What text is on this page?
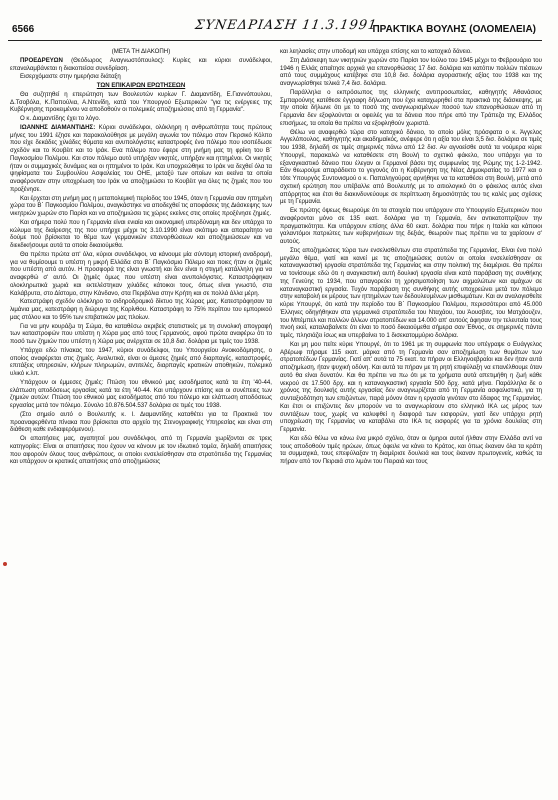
6566	ΣΥΝΕΔΡΙΑΣΗ 11.3.1991
ΠΡΑΚΤΙΚΑ ΒΟΥΛΗΣ (ΟΛΟΜΕΛΕΙΑ)

(ΜΕΤΑ ΤΗ ΔΙΑΚΟΠΗ)

ΠΡΟΕΔΡΕΥΩΝ (Θεόδωρος Αναγνωστόπουλος): Κυρίες και κύριοι συνάδελφοι, επαναλαμβάνεται η διακοπείσα συνεδρίαση.

Εισερχόμαστε στην ημερήσια διάταξη

ΤΩΝ ΕΠΙΚΑΙΡΩΝ ΕΡΩΤΗΣΕΩΝ

Θα συζητηθεί η επερώτηση των Βουλευτών κυρίων Γ. Διαμαντίδη, Ε.Γιαννόπουλου, Δ.Τσοβόλα, Κ.Παπούλια, Α.Ντενίδη, κατά του Υπουργού Εξωτερικών "για τις ενέργειες της Κυβέρνησης προκειμένου να αποδοθούν οι πολεμικές αποζημιώσεις από τη Γερμανία".

Ο κ. Διαμαντίδης έχει το λόγο.

ΙΩΑΝΝΗΣ ΔΙΑΜΑΝΤΙΔΗΣ: Κύριοι συνάδελφοι, ολόκληρη η ανθρωπότητα τους πρώτους μήνες του 1991 έζησε και παρακολούθησε με μεγάλη αγωνία τον πόλεμο στον Περσικό Κόλπο που είχε δεκάδες χιλιάδες θύματα και ανυπολόγιστες καταστροφές ένα πόλεμο που ισοπέδωσε σχεδόν και το Κουβέιτ και το Ιράκ. Ενα πόλεμο που έφερε στη μνήμη μας τη φρίκη του Β΄ Παγκοσμίου Πολέμου. Και στον πόλεμο αυτό υπήρξαν νικητές, υπήρξαν και ηττημένοι. Οι νικητές ήταν οι συμμαχικές δυνάμεις και οι ηττημένοι το Ιράκ. Και υποχρεώθηκε το Ιράκ να δεχθεί όλα τα ψηφίσματα του Συμβουλίου Ασφαλείας του ΟΗΕ, μεταξύ των οποίων και εκείνα τα οποία αναφέρονταν στην υποχρέωση του Ιράκ να αποζημιώσει το Κουβέιτ για όλες τις ζημιές που του προξένησε.

Και έρχεται στη μνήμη μας η μεταπολεμική περίοδος του 1945, όταν η Γερμανία σαν ηττημένη χώρα του Β΄ Παγκοσμίου Πολέμου, αναγκάστηκε να αποδεχθεί τις αποφάσεις της Διάσκεψης των νικητριών χωρών στο Παρίσι και να αποζημιώσει τις χώρες εκείνες στις οποίες προξένησε ζημιές.

Και σήμερα πολύ που η Γερμανία είναι ενιαία και οικονομική υπερδύναμη και δεν υπάρχει το κώλυμα της διαίρεσης της που υπήρχε μέχρι τις 3.10.1990 είναι σκόπιμο και απαραίτητο να δούμε πού βρίσκεται το θέμα των γερμανικών επανορθώσεων και αποζημιώσεων και να διεκδικήσουμε αυτά τα οποία δικαιούμεθα.

Θα πρέπει πρώτα απ' όλα, κύριοι συνάδελφοι, να κάνουμε μία σύντομη ιστορική αναδρομή, για να θυμίσουμε τι υπέστη η μικρή Ελλάδα στο Β΄ Παγκόσμιο Πόλεμο και ποιες ήταν οι ζημιές που υπέστη από αυτόν. Η προσφορά της είναι γνωστή και δεν είναι η στιγμή κατάλληλη για να αναφερθώ σ' αυτό. Οι ζημιές όμως που υπέστη είναι ανυπολόγιστες. Καταστράφηκαν ολοκληρωτικά χωριά και εκτελέστηκαν χιλιάδες κάτοικοι τους, όπως είναι γνωστό, στα Καλάβρυτα, στο Δίστομο, στην Κάνδανο, στα Περιβόλια στην Κρήτη και σε πολλά άλλα μέρη.

Κατεστράφη σχεδόν ολόκληρο το σιδηροδρομικό δίκτυο της Χώρας μας. Κατεστράφησαν τα λιμάνια μας, κατεστράφη η διώρυγα της Κορίνθου. Καταστράφη το 75% περίπου του εμπορικού μας στόλου και το 95% των επιβατικών μας πλοίων.

Για να μην κουράζω τη Σώμα, θα καταθέσω ακριβείς στατιστικές με τη συνολική απογραφή των καταστροφών που υπέστη η Χώρα μας από τους Γερμανούς, αφού πρώτα αναφέρω ότι το ποσό των ζημιών που υπέστη η Χώρα μας ανέρχεται σε 10,8 δισ. δολάρια με τιμές του 1938.

Υπάρχει εδώ πίνακας του 1947, κύριοι συνάδελφοι, του Υπουργείου Ανοικοδόμησης, ο οποίος αναφέρεται στις ζημιές. Αναλυτικά, είναι οι άμεσες ζημιές από διαρπαγές, καταστροφές, επιτάξεις υπηρεσιών, κλήρων πληρωμών, αντιτελές, διαρπαγές κρατικών αποθηκών, πολεμικό υλικό κ.λπ.

Υπάρχουν οι έμμεσες ζημιές: Πτώση του εθνικού μας εισοδήματος κατά τα έτη '40-44, ελάττωση αποδόσεως εργασίας κατά τα έτη '40-44. Και υπάρχουν επίσης και οι συνέπειες των ζημιών αυτών: Πτώση του εθνικού μας εισοδήματος από του πόλεμο και ελάττωση αποδόσεως εργασίας μετά τον πόλεμο. Σύνολο 10.876.504.537 δολάρια σε τιμές του 1938.

(Στο σημείο αυτό ο Βουλευτής κ. Ι. Διαμαντίδης καταθέτει για τα Πρακτικά τον προαναφερθέντα πίνακα που βρίσκεται στο αρχείο της Στενογραφικής Υπηρεσίας και είναι στη διάθεση καθε ενδιαφερόμενου).

Οι απαιτήσεις μας, αγαπητοί μου συνάδελφοι, από τη Γερμανία χωρίζονται σε τρεις κατηγορίες: Είναι οι απαιτήσεις που έχουν να κάνουν με τον ιδιωτικό τομέα, δηλαδή απαιτήσεις που αφορούν όλους τους ανθρώπους, οι οποίοι ενσελείσθησαν στα στρατόπεδα της Γερμανίας και υπάρχουν οι κρατικές απαιτήσεις από αποζημιώσεις

και λεηλασίες στην υποδομή και υπάρχει επίσης και το κατοχικό δάνειο.

Στη Διάσκεψη των νικητριών χωρών στο Παρίσι τον Ιούλιο του 1945 μέχρι το Φεβρουάριο του 1946 η Ελλάς απαίτησε αρχικά για επανορθώσεις 17 δισ. δολάρια και κατόπιν πολλών πιέσεων από τους συμμάχους κατέβηκε στα 10,8 δισ. δολάρια αγοραστικής αξίας του 1938 και της αναγνωρίσθηκε τελικά 7,4 δισ. δολάρια.

Παράλληλα ο εκπρόσωπος της ελληνικής αντιπροσωπείας, καθηγητής Αθανάσιος Σμπαρούνης κατέθεσε έγγραφη δήλωση που έχει καταχωρηθεί στα πρακτικά της διάσκεψης, με την οποία δήλωνε ότι με το ποσό της αναγνωρισμένων ποσού των επανορθώσεων από τη Γερμανία δεν εξοφλούνται οι οφειλές για τα δάνεια που πήρε από την Τράπεζα της Ελλάδος επισήμως, τα οποία θα πρέπει να εξοφληθούν χωριστά.

Θέλω να αναφερθώ τώρα στο κατοχικό δάνειο, το οποίο μόλις πρόσφατα ο κ. Άγγελος Αγγελόπουλος, καθηγητής και ακαδημαϊκός, ανέφερε ότι η αξία του είναι 3,5 δισ. δολάρια σε τιμές του 1938, δηλαδή σε τιμές σημερινές πάνω από 12 δισ. Αν αγνοείσθε αυτά τα νούμερα κύριε Υπουργέ, παρακαλώ να καταθέσετε στη Βουλή το σχετικό φάκελο, που υπάρχει για το εξαναγκαστικό δάνειο που έλεγαν οι Γερμανοί βάσει της συμφωνίας της Ρώμης της 1-2-1942. Εάν θεωρούμε απαράδεκτο το γεγονός ότι η Κυβέρνηση της Νέας Δημοκρατίας το 1977 και ο τότε Υπουργός Συντονισμού ο κ. Παπαληγούρας αρνήθηκε να τα καταθέσει στη Βουλή, μετά από σχετική ερώτηση που υπέβαλλε από Βουλευτής με το αιτιολογικό ότι ο φάκελος αυτός είναι απόρρητος και έτσι θα διακινδυνεύουμε σε περίπτωση δημοσιότητάς του τις καλές μας σχέσεις με τη Γερμανία.

Εκ πρώτης όψεως θεωρούμε ότι τα στοιχεία που υπάρχουν στο Υπουργείο Εξωτερικών που αναφέρονται μόνο σε 135 εκατ. δολάρια για τη Γερμανία, δεν αντικατοπτρίζουν την πραγματικότητα. Και υπάρχουν επίσης άλλα 60 εκατ. δολάρια που πήρε η Ιταλία και κάποιοι γαλαντόμοι πατριώτες των κυβερνήσεων της δεξιάς, θεωρούν πως πρέπει να τα χαρίσουν σ' αυτούς.

Στις αποζημιώσεις τώρα των ενσελισθέντων στα στρατόπεδα της Γερμανίας. Είναι ένα πολύ μεγάλο θέμα, γιατί και κανεί με τις αποζημιώσεις αυτών οι οποίοι ενσελείσθησαν σε καταναγκαστική εργασία στρατόπεδα της Γερμανίας και στην πολιτική της διαμέρισε. Θα πρέπει να τονίσουμε εδώ ότι η αναγκαστική αυτή δουλική εργασία είναι κατά παράβαση της συνθήκης της Γενεύης το 1934, που απαγορεύει τη χρησιμοποίηση των αιχμαλώτων και αμάχων σε καταναγκαστική εργασία. Τυχόν παράβαση της συνθήκης αυτής υποχρεώνει μετά τον πόλεμο στην καταβολή εκ μέρους των ηττημένων των δεδουλευμένων μισθωμάτων. Και αν αναλογισθείτε κύριε Υπουργέ, ότι κατά την περίοδο του Β΄ Παγκοσμίου Πολέμου, περισσότεροι από 45.000 Έλληνες οδηγήθηκαν στα γερμανικά στρατόπεδα του Νταχάου, του Άουσβιτς, του Ματχάουζεν, του Μπέμπελ και πολλών άλλων στρατοπέδων και 14.000 απ' αυτούς άφησαν την τελευταία τους πνοή εκεί, καταλαβαίνετε ότι είναι το ποσό δικαιούμεθα σήμερα σαν Έθνος, σε σημερινές πάντα τιμές, πλησιάζει ίσως και υπερβαίνει το 1 δισεκατομμύριο δολάρια.

Και μη μου πείτε κύριε Υπουργέ, ότι το 1961 με τη συμφωνία που υπέγραψε ο Ευάγγελος Αβέρωφ πήραμε 115 εκατ. μάρκα από τη Γερμανία σαν αποζημίωση των θυμάτων των στρατοπέδων Γερμανίας. Γιατί απ' αυτά τα 75 εκατ. τα πήραν οι Ελληνοεβραίοι και δεν ήταν αυτά αποζημίωση, ήταν ψυχική οδύνη. Και αυτά τα πήραν με τη ρητή επιφύλαξη να επανέλθουμε όταν αυτό θα είναι δυνατόν. Και θα πρέπει να πω ότι με τα χρήματα αυτά απετιμήθη η ζωή κάθε νεκρού σε 17.500 δρχ. και η καταναγκαστική εργασία 500 δρχ. κατά μήνα. Παράλληλα δε ο χρόνος της δουλικής αυτής εργασίας δεν αναγνωρίζεται από τη Γερμανία ασφαλιστικά, για τη συνταξιοδότηση των επιζώντων, παρά μόνον όταν η εργασία γινόταν στο έδαφος της Γερμανίας. Και έτσι οι επιζώντες δεν μπορούν να το αναγνωρίσουν στο ελληνικό ΙΚΑ ως μέρος των συντάξεων τους, χωρίς να καλυφθεί η διαφορά των εισφορών, γιατί δεν υπάρχει ρητή υποχρέωση της Γερμανίας να καταβάλει στο ΙΚΑ τις εισφορές για τα χρόνια δουλείας στη Γερμανία.

Και εδώ θέλω να κάνω ένα μικρό σχόλιο, όταν οι όμηροι αυτοί ήλθαν στην Ελλάδα αντί να τους αποδοθούν τιμές ηρώων, όπως όφειλε να κάνει το Κράτος, και όπως έκαναν όλα τα κράτη τα συμμαχικά, τους επεφύλαξαν τη διαμέρισε δουλειά και τους έκαναν πρωτογενείς, καθώς τα πήραν από τον Πειραιά στο λιμάνι του Πειραιά και τους
